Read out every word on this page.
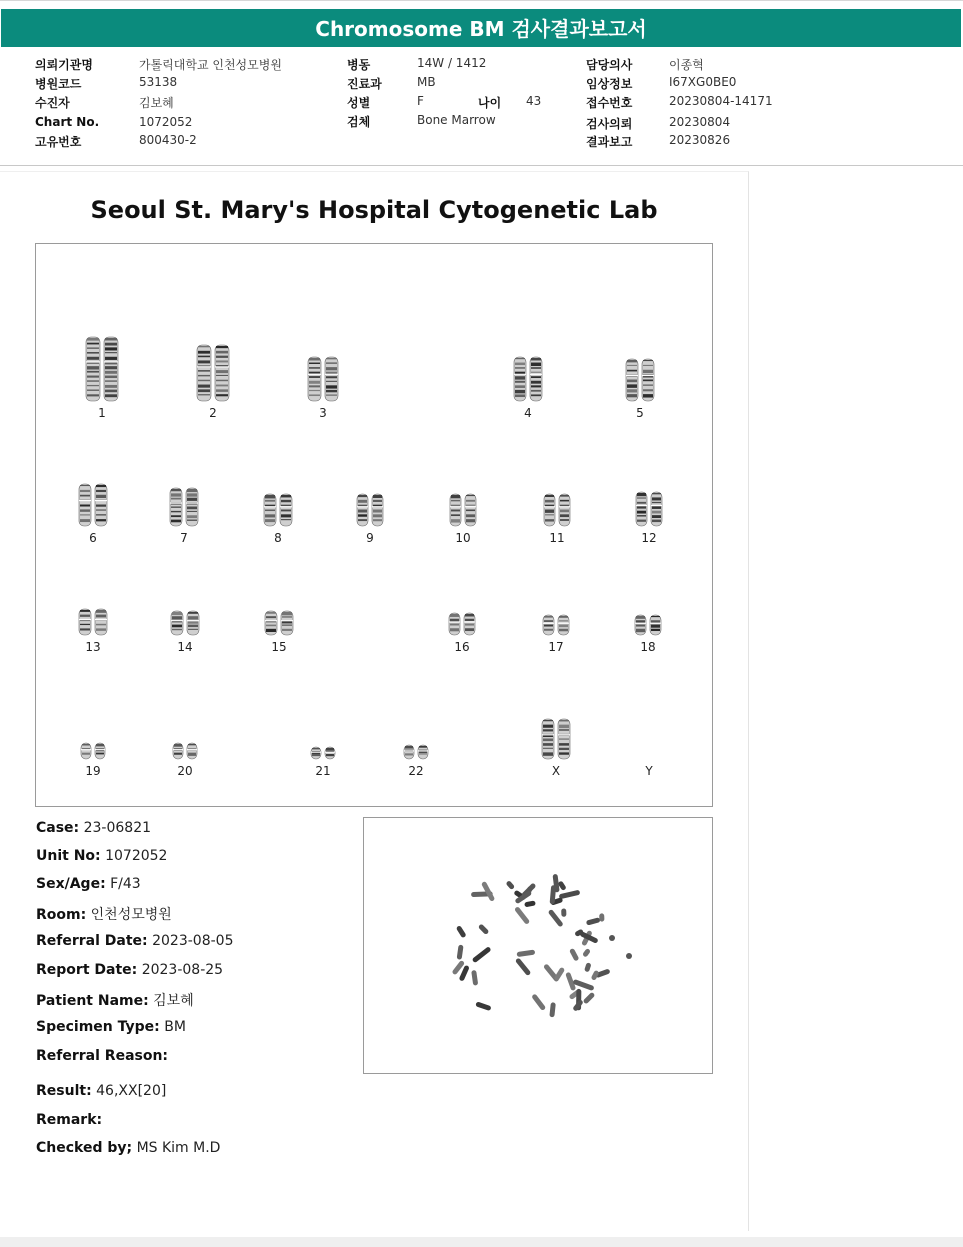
Chromosome BM 검사결과보고서
의뢰기관명	가톨릭대학교 인천성모병원
병원코드	53138
수진자	김보혜
Chart No.	1072052
고유번호	800430-2
병동	14W / 1412
진료과	MB
성별	F	나이 43
검체	Bone Marrow
담당의사	이종혁
임상정보	I67XG0BE0
접수번호	20230804-14171
검사의뢰	20230804
결과보고	20230826
Seoul St. Mary's Hospital Cytogenetic Lab
1	2	3	4	5
6	7	8	9	10	11	12
13	14	15	16	17	18
19	20	21	22	X	Y
Case: 23-06821
Unit No: 1072052
Sex/Age: F/43
Room: 인천성모병원
Referral Date: 2023-08-05
Report Date: 2023-08-25
Patient Name: 김보혜
Specimen Type: BM
Referral Reason:
Result: 46,XX[20]
Remark:
Checked by; MS Kim M.D
